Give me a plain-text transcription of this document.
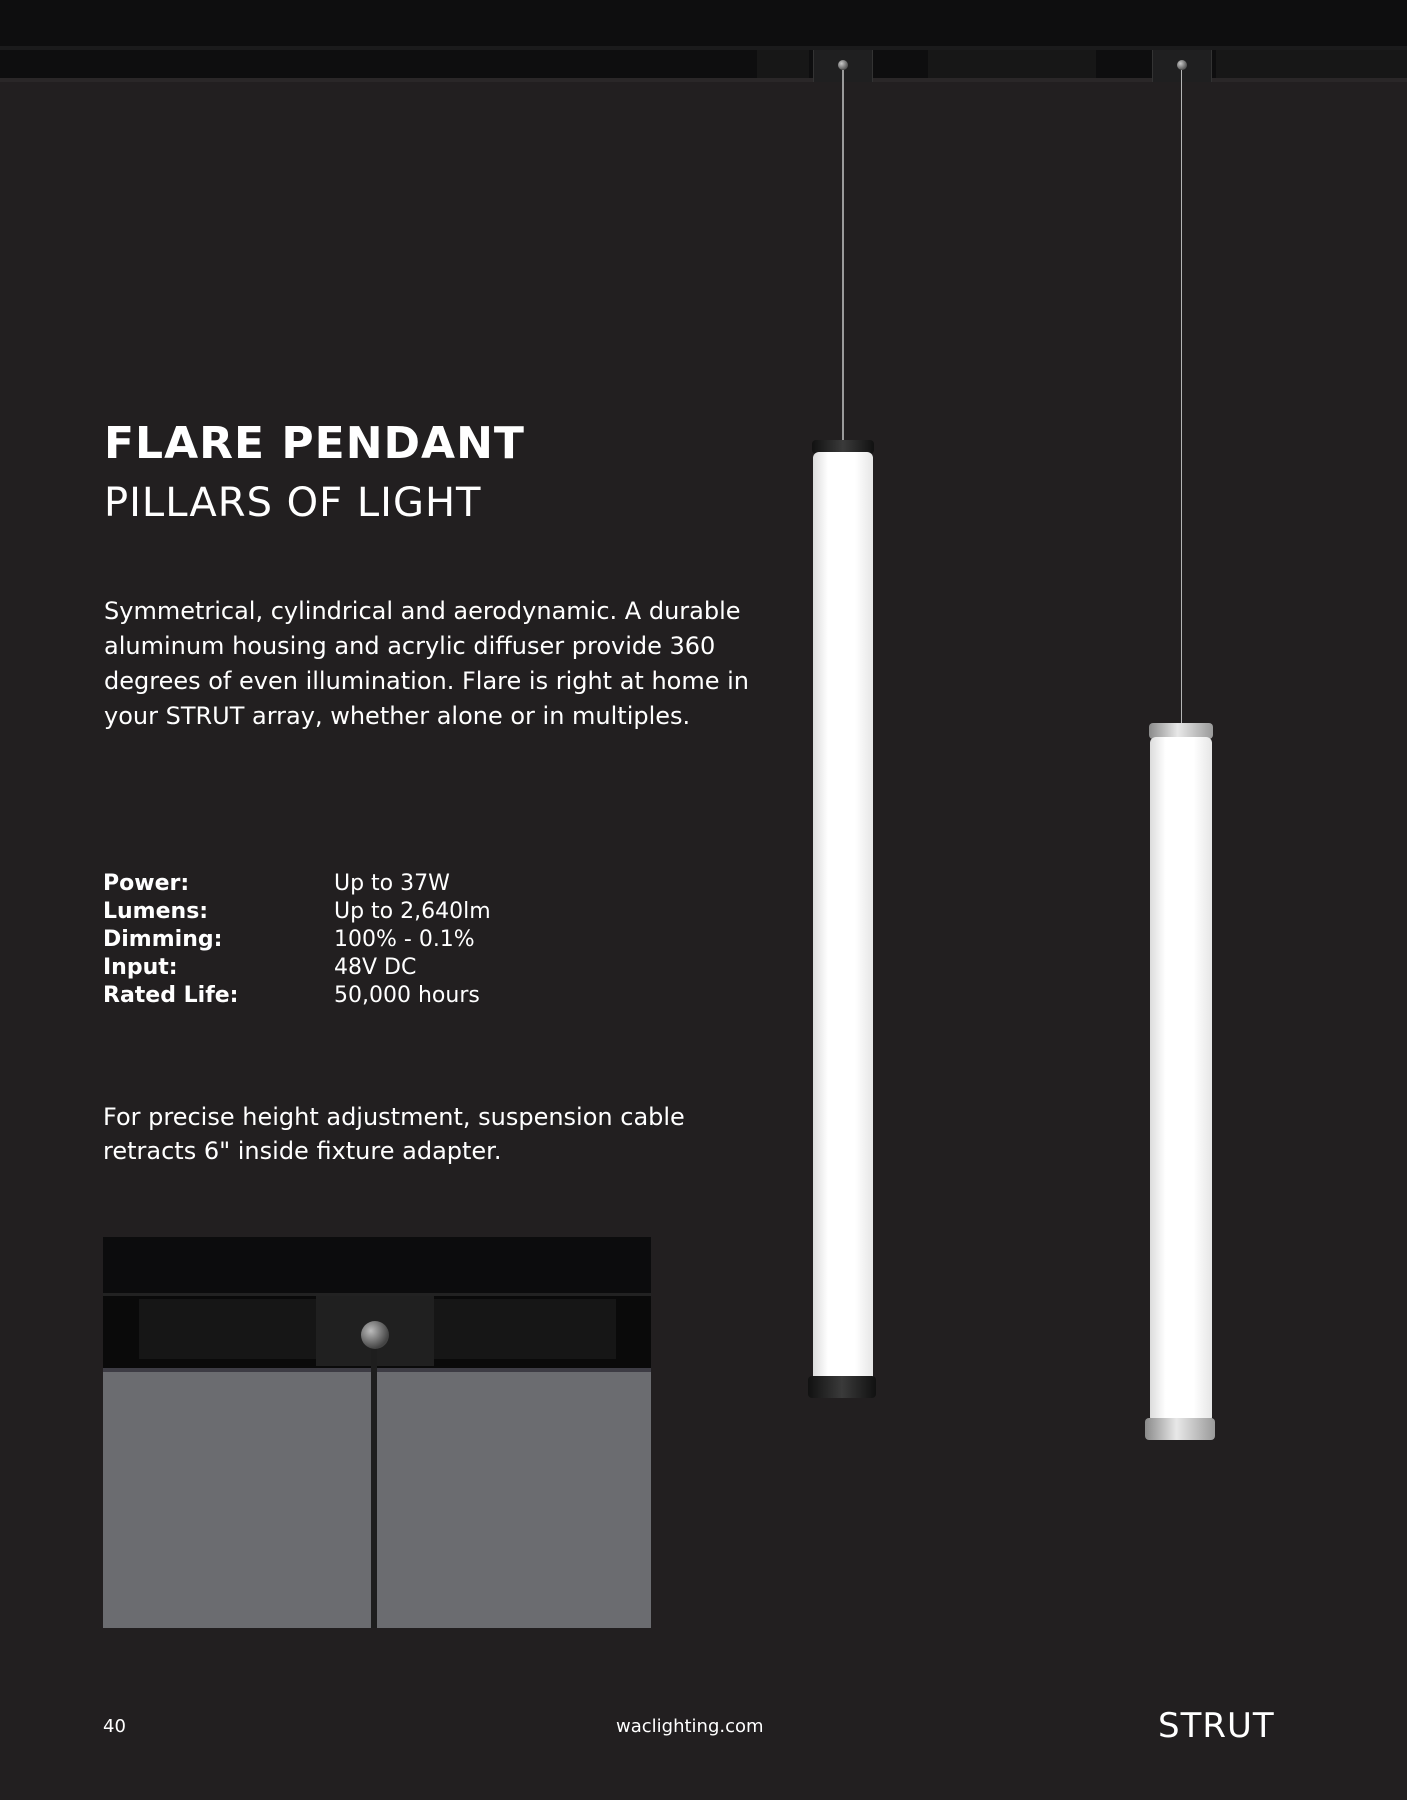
FLARE PENDANT
PILLARS OF LIGHT

Symmetrical, cylindrical and aerodynamic. A durable aluminum housing and acrylic diffuser provide 360 degrees of even illumination. Flare is right at home in your STRUT array, whether alone or in multiples.

Power:	Up to 37W
Lumens:	Up to 2,640lm
Dimming:	100% - 0.1%
Input:	48V DC
Rated Life:	50,000 hours

For precise height adjustment, suspension cable retracts 6" inside fixture adapter.

40	waclighting.com	STRUT
